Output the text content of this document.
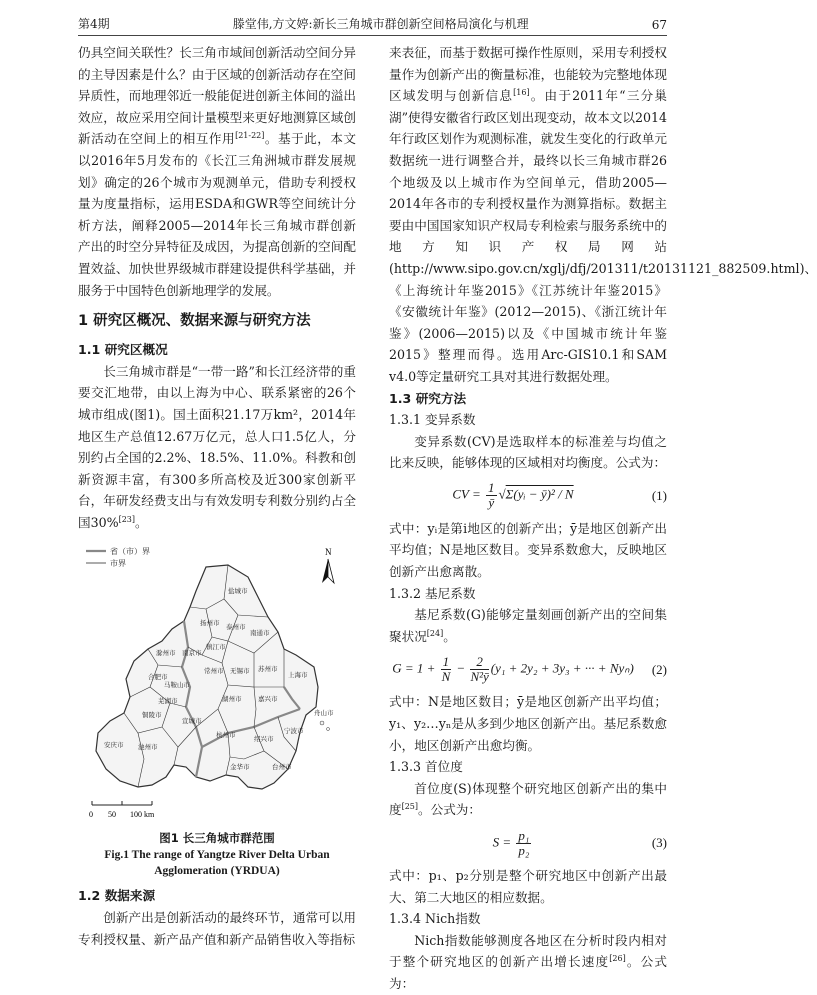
第4期	滕堂伟,方文婷:新长三角城市群创新空间格局演化与机理	67

仍具空间关联性？长三角市域间创新活动空间分异的主导因素是什么？由于区域的创新活动存在空间异质性，而地理邻近一般能促进创新主体间的溢出效应，故应采用空间计量模型来更好地测算区域创新活动在空间上的相互作用[21-22]。基于此，本文以2016年5月发布的《长江三角洲城市群发展规划》确定的26个城市为观测单元，借助专利授权量为度量指标，运用ESDA和GWR等空间统计分析方法，阐释2005—2014年长三角城市群创新产出的时空分异特征及成因，为提高创新的空间配置效益、加快世界级城市群建设提供科学基础，并服务于中国特色创新地理学的发展。

1 研究区概况、数据来源与研究方法
1.1 研究区概况

长三角城市群是“一带一路”和长江经济带的重要交汇地带，由以上海为中心、联系紧密的26个城市组成(图1)。国土面积21.17万km²，2014年地区生产总值12.67万亿元，总人口1.5亿人，分别约占全国的2.2%、18.5%、11.0%。科教和创新资源丰富，有300多所高校及近300家创新平台，年研发经费支出与有效发明专利数分别约占全国30%[23]。

省（市）界
市界
N
盐城市
扬州市 泰州市
南通市
滁州市 南京市
镇江市
常州市 无锡市 苏州市
上海市
合肥市
马鞍山市
芜湖市
铜陵市
宣城市
湖州市	嘉兴市
杭州市	绍兴市
宁波市
舟山市
金华市	台州市
安庆市 池州市
0 50 100 km
图1 长三角城市群范围
Fig.1 The range of Yangtze River Delta Urban
Agglomeration (YRDUA)
1.2 数据来源

创新产出是创新活动的最终环节，通常可以用专利授权量、新产品产值和新产品销售收入等指标

来表征，而基于数据可操作性原则，采用专利授权量作为创新产出的衡量标准，也能较为完整地体现区域发明与创新信息[16]。由于2011年“三分巢湖”使得安徽省行政区划出现变动，故本文以2014年行政区划作为观测标准，就发生变化的行政单元数据统一进行调整合并，最终以长三角城市群26个地级及以上城市作为空间单元，借助2005—2014年各市的专利授权量作为测算指标。数据主要由中国国家知识产权局专利检索与服务系统中的地方知识产权局网站(http://www.sipo.gov.cn/xglj/dfj/201311/t20131121_882509.html)、《上海统计年鉴2015》《江苏统计年鉴2015》《安徽统计年鉴》(2012—2015)、《浙江统计年鉴》(2006—2015)以及《中国城市统计年鉴2015》整理而得。选用Arc-GIS10.1和SAM v4.0等定量研究工具对其进行数据处理。

1.3 研究方法
1.3.1 变异系数

变异系数(CV)是选取样本的标准差与均值之比来反映，能够体现的区域相对均衡度。公式为：

CV = $\frac{1}{ȳ}$ √Σ(yᵢ − ȳ)² / N	(1)

式中：yᵢ是第i地区的创新产出；ȳ是地区创新产出平均值；N是地区数目。变异系数愈大，反映地区创新产出愈离散。

1.3.2 基尼系数

基尼系数(G)能够定量刻画创新产出的空间集聚状况[24]。

$G = 1 + \frac{1}{N} - \frac{2}{\text{N²ȳ}} (y_1 + 2y_2 + 3y_3$ + ··· + Nyₙ)	(2)

式中：N是地区数目；ȳ是地区创新产出平均值；y₁、y₂…yₙ是从多到少地区创新产出。基尼系数愈小，地区创新产出愈均衡。

1.3.3 首位度

首位度(S)体现整个研究地区创新产出的集中度[25]。公式为：

$S = \frac{\text{p₁}}{\text{p₂}}$	(3)

式中：p₁、p₂分别是整个研究地区中创新产出最大、第二大地区的相应数据。

1.3.4 Nich指数

Nich指数能够测度各地区在分析时段内相对于整个研究地区的创新产出增长速度[26]。公式为：
